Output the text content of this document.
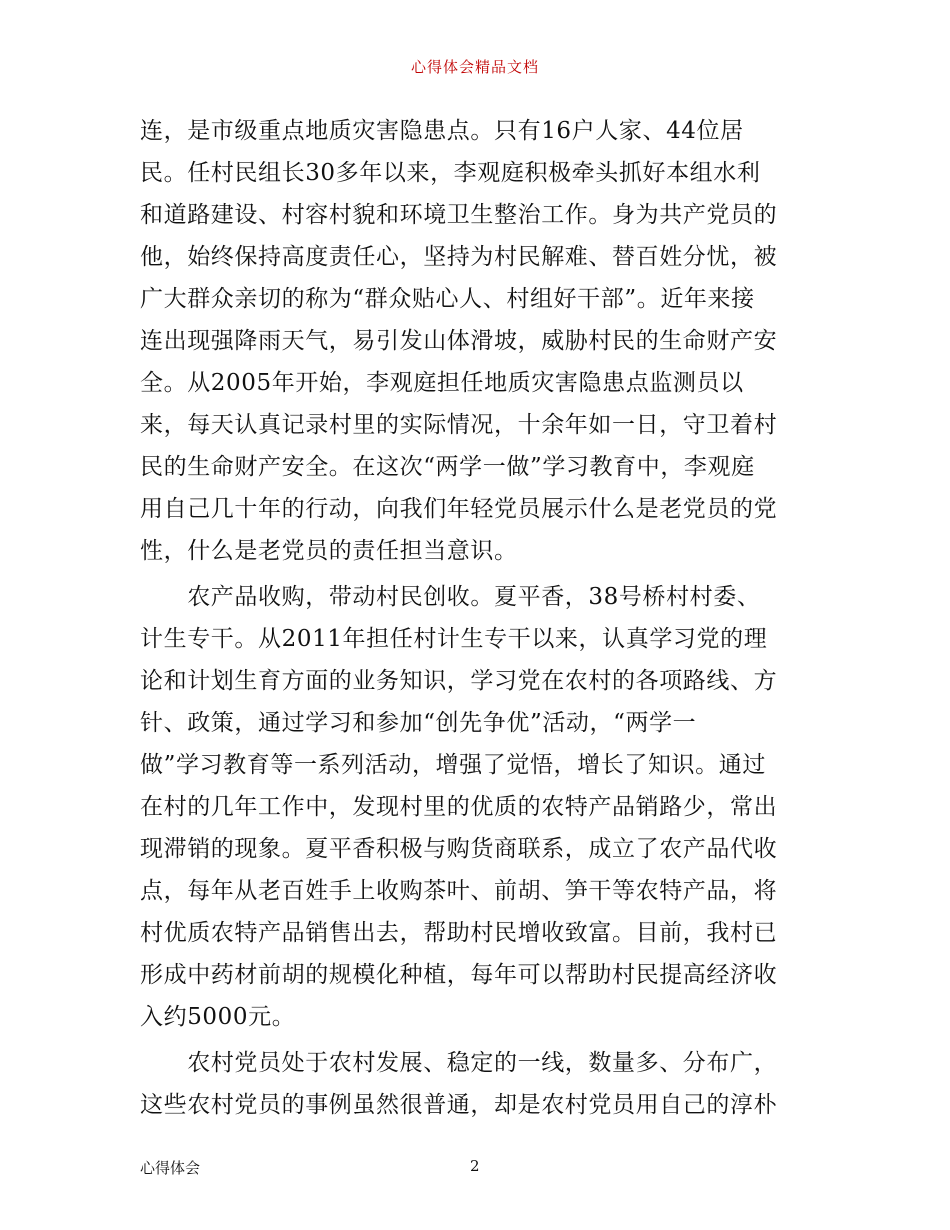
心得体会精品文档
连，是市级重点地质灾害隐患点。只有16户人家、44位居
民。任村民组长30多年以来，李观庭积极牵头抓好本组水利
和道路建设、村容村貌和环境卫生整治工作。身为共产党员的
他，始终保持高度责任心，坚持为村民解难、替百姓分忧，被
广大群众亲切的称为“群众贴心人、村组好干部”。近年来接
连出现强降雨天气，易引发山体滑坡，威胁村民的生命财产安
全。从2005年开始，李观庭担任地质灾害隐患点监测员以
来，每天认真记录村里的实际情况，十余年如一日，守卫着村
民的生命财产安全。在这次“两学一做”学习教育中，李观庭
用自己几十年的行动，向我们年轻党员展示什么是老党员的党
性，什么是老党员的责任担当意识。
　　农产品收购，带动村民创收。夏平香，38号桥村村委、
计生专干。从2011年担任村计生专干以来，认真学习党的理
论和计划生育方面的业务知识，学习党在农村的各项路线、方
针、政策，通过学习和参加“创先争优”活动，“两学一
做”学习教育等一系列活动，增强了觉悟，增长了知识。通过
在村的几年工作中，发现村里的优质的农特产品销路少，常出
现滞销的现象。夏平香积极与购货商联系，成立了农产品代收
点，每年从老百姓手上收购茶叶、前胡、笋干等农特产品，将
村优质农特产品销售出去，帮助村民增收致富。目前，我村已
形成中药材前胡的规模化种植，每年可以帮助村民提高经济收
入约5000元。
　　农村党员处于农村发展、稳定的一线，数量多、分布广，
这些农村党员的事例虽然很普通，却是农村党员用自己的淳朴
心得体会	2
